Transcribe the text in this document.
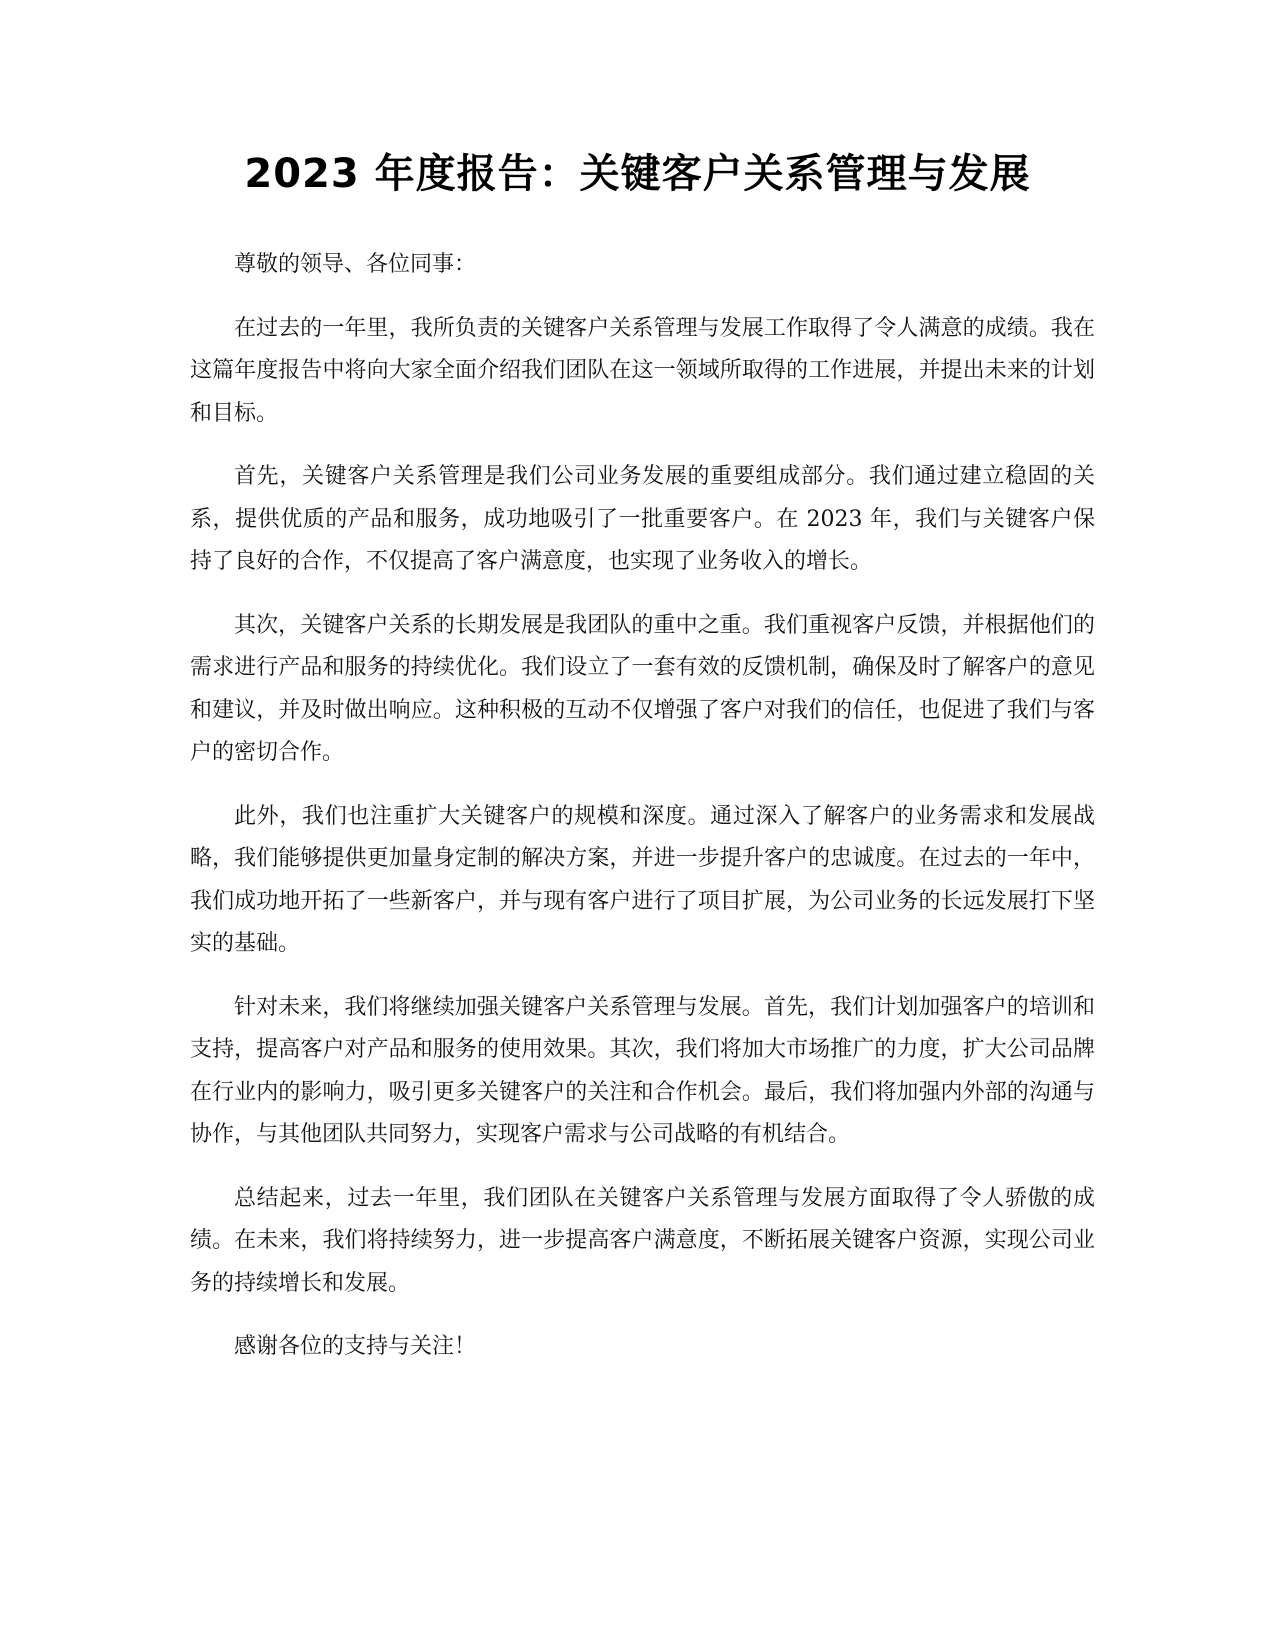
2023 年度报告：关键客户关系管理与发展

尊敬的领导、各位同事：

在过去的一年里，我所负责的关键客户关系管理与发展工作取得了令人满意的成绩。我在这篇年度报告中将向大家全面介绍我们团队在这一领域所取得的工作进展，并提出未来的计划和目标。

首先，关键客户关系管理是我们公司业务发展的重要组成部分。我们通过建立稳固的关系，提供优质的产品和服务，成功地吸引了一批重要客户。在 2023 年，我们与关键客户保持了良好的合作，不仅提高了客户满意度，也实现了业务收入的增长。

其次，关键客户关系的长期发展是我团队的重中之重。我们重视客户反馈，并根据他们的需求进行产品和服务的持续优化。我们设立了一套有效的反馈机制，确保及时了解客户的意见和建议，并及时做出响应。这种积极的互动不仅增强了客户对我们的信任，也促进了我们与客户的密切合作。

此外，我们也注重扩大关键客户的规模和深度。通过深入了解客户的业务需求和发展战略，我们能够提供更加量身定制的解决方案，并进一步提升客户的忠诚度。在过去的一年中，我们成功地开拓了一些新客户，并与现有客户进行了项目扩展，为公司业务的长远发展打下坚实的基础。

针对未来，我们将继续加强关键客户关系管理与发展。首先，我们计划加强客户的培训和支持，提高客户对产品和服务的使用效果。其次，我们将加大市场推广的力度，扩大公司品牌在行业内的影响力，吸引更多关键客户的关注和合作机会。最后，我们将加强内外部的沟通与协作，与其他团队共同努力，实现客户需求与公司战略的有机结合。

总结起来，过去一年里，我们团队在关键客户关系管理与发展方面取得了令人骄傲的成绩。在未来，我们将持续努力，进一步提高客户满意度，不断拓展关键客户资源，实现公司业务的持续增长和发展。

感谢各位的支持与关注！
